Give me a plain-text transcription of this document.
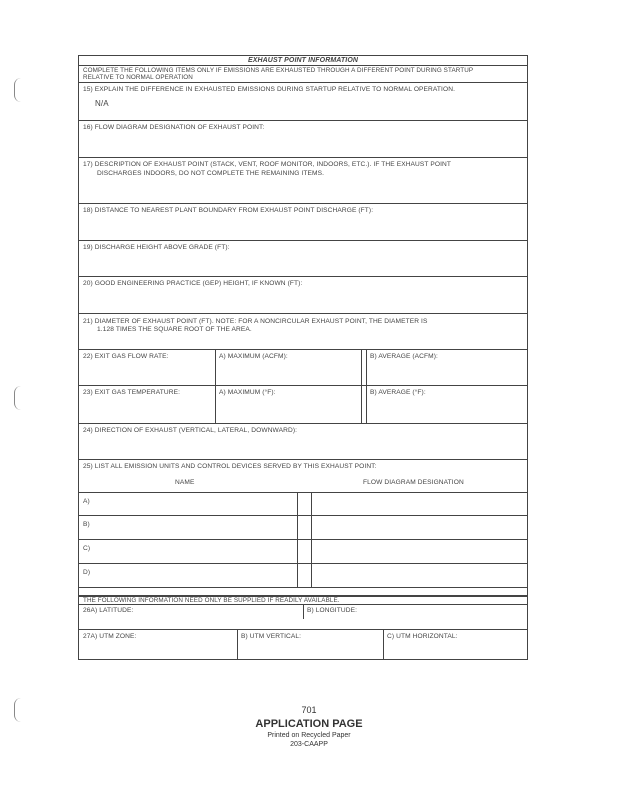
EXHAUST POINT INFORMATION
COMPLETE THE FOLLOWING ITEMS ONLY IF EMISSIONS ARE EXHAUSTED THROUGH A DIFFERENT POINT DURING STARTUP
RELATIVE TO NORMAL OPERATION
15) EXPLAIN THE DIFFERENCE IN EXHAUSTED EMISSIONS DURING STARTUP RELATIVE TO NORMAL OPERATION.
N/A
16) FLOW DIAGRAM DESIGNATION OF EXHAUST POINT:
17) DESCRIPTION OF EXHAUST POINT (STACK, VENT, ROOF MONITOR, INDOORS, ETC.). IF THE EXHAUST POINT
DISCHARGES INDOORS, DO NOT COMPLETE THE REMAINING ITEMS.
18) DISTANCE TO NEAREST PLANT BOUNDARY FROM EXHAUST POINT DISCHARGE (FT):
19) DISCHARGE HEIGHT ABOVE GRADE (FT):
20) GOOD ENGINEERING PRACTICE (GEP) HEIGHT, IF KNOWN (FT):
21) DIAMETER OF EXHAUST POINT (FT). NOTE: FOR A NONCIRCULAR EXHAUST POINT, THE DIAMETER IS
1.128 TIMES THE SQUARE ROOT OF THE AREA.
22) EXIT GAS FLOW RATE:	A) MAXIMUM (ACFM):	B) AVERAGE (ACFM):
23) EXIT GAS TEMPERATURE:	A) MAXIMUM (°F):	B) AVERAGE (°F):
24) DIRECTION OF EXHAUST (VERTICAL, LATERAL, DOWNWARD):
25) LIST ALL EMISSION UNITS AND CONTROL DEVICES SERVED BY THIS EXHAUST POINT:
NAME	FLOW DIAGRAM DESIGNATION
A)
B)
C)
D)
THE FOLLOWING INFORMATION NEED ONLY BE SUPPLIED IF READILY AVAILABLE.
26A) LATITUDE:	B) LONGITUDE:
27A) UTM ZONE:	B) UTM VERTICAL:	C) UTM HORIZONTAL:
701
APPLICATION PAGE
Printed on Recycled Paper
203-CAAPP
